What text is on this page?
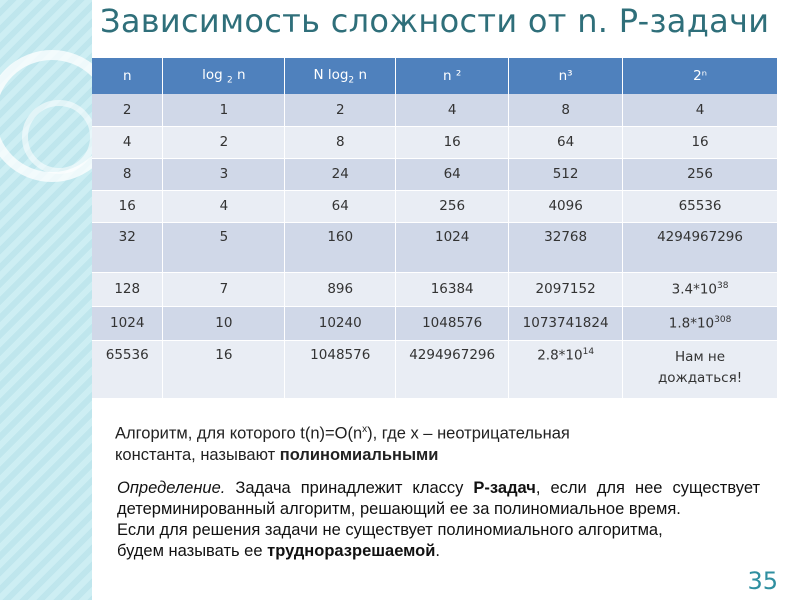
Зависимость сложности от n. P-задачи
n	log $_2$ n	N $\log_2 n$	n ²	n³	2ⁿ
2	1	2	4	8	4
4	2	8	16	64	16
8	3	24	64	512	256
16	4	64	256	4096	65536
32	5	160	1024	32768	4294967296
128	7	896	16384	2097152	$3.4*10^{38}$
1024	10	10240	1048576	1073741824	$1.8*10^{308}$
65536	16	1048576	4294967296	$2.8*10^{14}$	Нам не
дождаться!
Алгоритм, для которого $t(n)=O(n^x)$, где x – неотрицательная
константа, называют полиномиальными
Определение. Задача принадлежит классу P-задач, если для нее существует детерминированный алгоритм, решающий ее за полиномиальное время.
Если для решения задачи не существует полиномиального алгоритма, будем называть ее трудноразрешаемой.
35
